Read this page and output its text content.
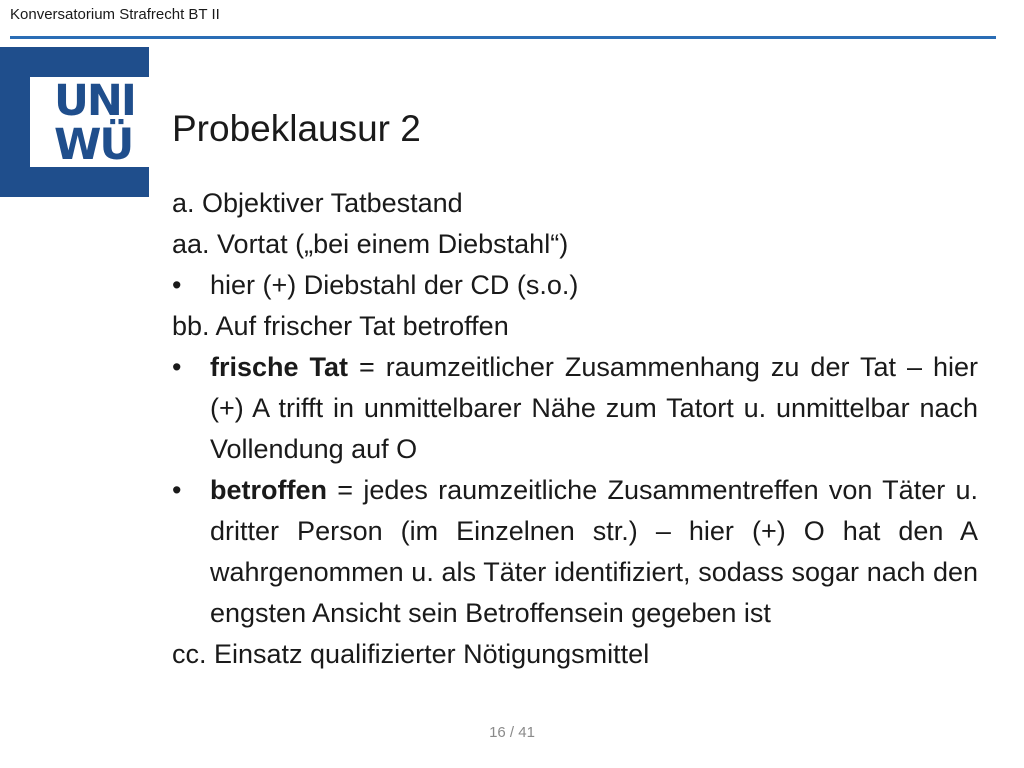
Konversatorium Strafrecht BT II
UNI
WÜ	Probeklausur 2

a. Objektiver Tatbestand

aa. Vortat („bei einem Diebstahl“)

• hier (+) Diebstahl der CD (s.o.)

bb. Auf frischer Tat betroffen

• frische Tat = raumzeitlicher Zusammenhang zu der Tat – hier (+) A trifft in unmittelbarer Nähe zum Tatort u. unmittelbar nach Vollendung auf O

• betroffen = jedes raumzeitliche Zusammentreffen von Täter u. dritter Person (im Einzelnen str.) – hier (+) O hat den A wahrgenommen u. als Täter identifiziert, sodass sogar nach den engsten Ansicht sein Betroffensein gegeben ist

cc. Einsatz qualifizierter Nötigungsmittel

16 / 41
